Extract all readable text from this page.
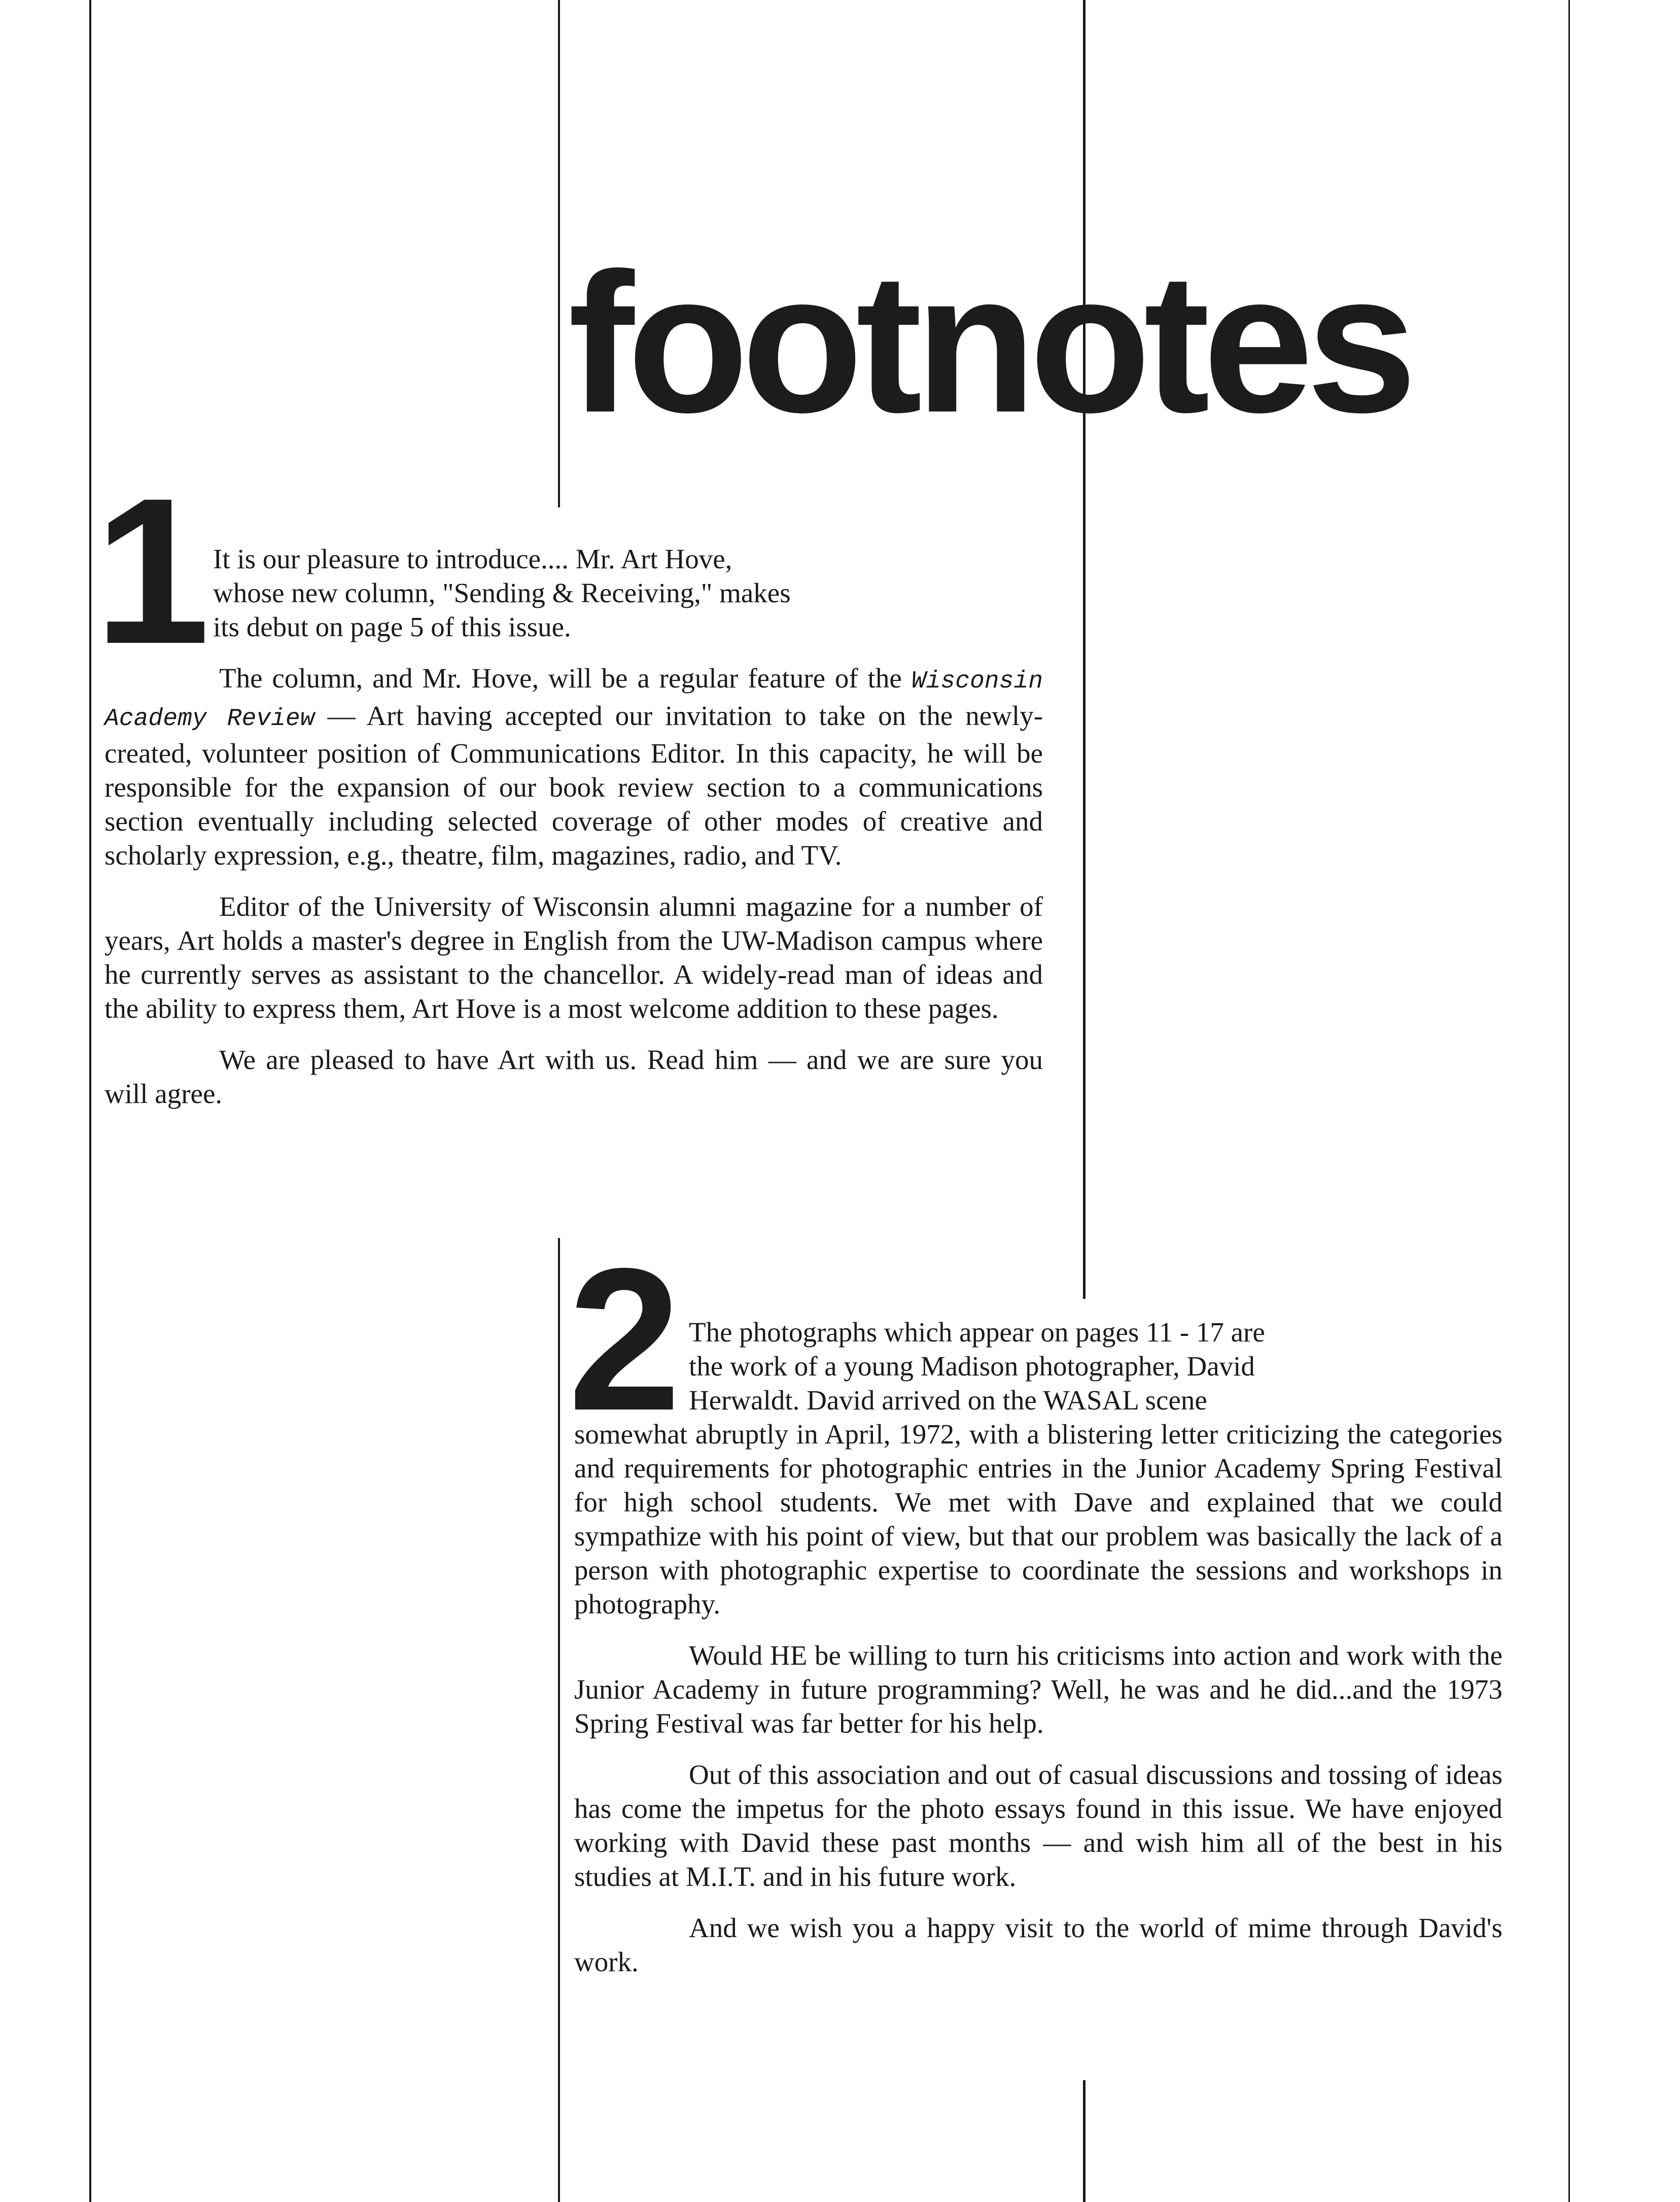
footnotes
1 It is our pleasure to introduce.... Mr. Art Hove,
whose new column, "Sending & Receiving," makes
its debut on page 5 of this issue.

The column, and Mr. Hove, will be a regular feature of the Wisconsin Academy Review — Art having accepted our invitation to take on the newly-created, volunteer position of Communications Editor. In this capacity, he will be responsible for the expansion of our book review section to a communications section eventually including selected coverage of other modes of creative and scholarly expression, e.g., theatre, film, magazines, radio, and TV.

Editor of the University of Wisconsin alumni magazine for a number of years, Art holds a master's degree in English from the UW-Madison campus where he currently serves as assistant to the chancellor. A widely-read man of ideas and the ability to express them, Art Hove is a most welcome addition to these pages.

We are pleased to have Art with us. Read him — and we are sure you will agree.

2 The photographs which appear on pages 11 - 17 are
the work of a young Madison photographer, David
Herwaldt. David arrived on the WASAL scene

somewhat abruptly in April, 1972, with a blistering letter criticizing the categories and requirements for photographic entries in the Junior Academy Spring Festival for high school students. We met with Dave and explained that we could sympathize with his point of view, but that our problem was basically the lack of a person with photographic expertise to coordinate the sessions and workshops in photography.

Would HE be willing to turn his criticisms into action and work with the Junior Academy in future programming? Well, he was and he did...and the 1973 Spring Festival was far better for his help.

Out of this association and out of casual discussions and tossing of ideas has come the impetus for the photo essays found in this issue. We have enjoyed working with David these past months — and wish him all of the best in his studies at M.I.T. and in his future work.

And we wish you a happy visit to the world of mime through David's work.
